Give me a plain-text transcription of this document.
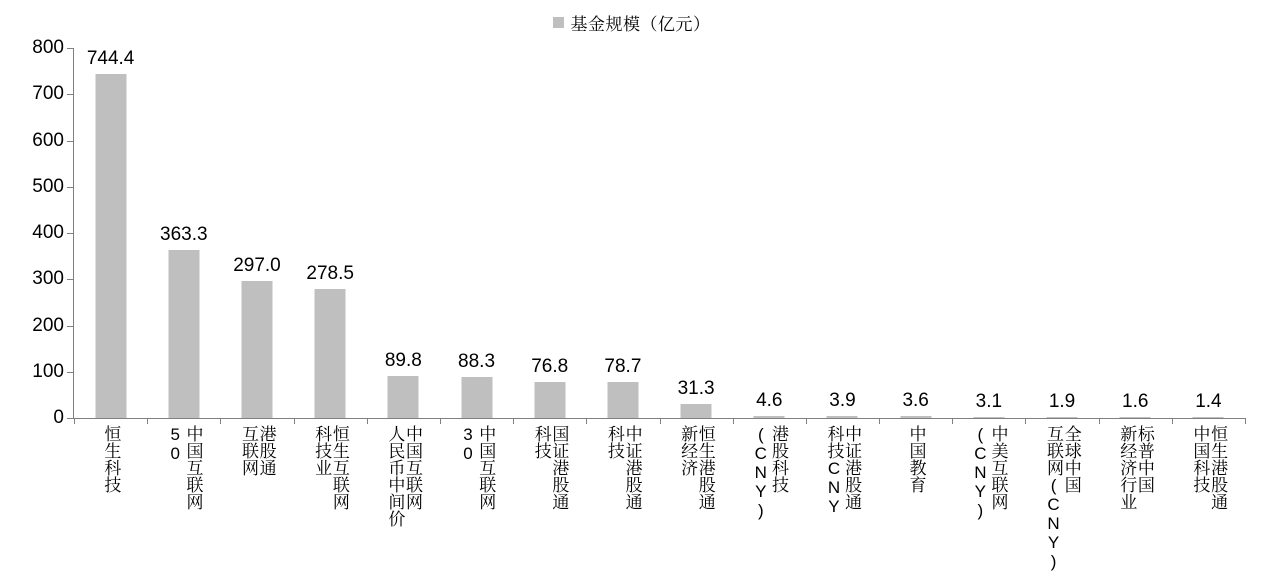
基金规模（亿元）
0
100
200
300
400
500
600
700
800
744.4
363.3
297.0 278.5
89.8 88.3 76.8 78.7
31.3
4.6 3.9 3.6 3.1 1.9 1.6 1.4
恒生科技	中国互联网
50	港股通
互联网	恒生互联网
科技业	中国互联网
人民币中间价	中国互联网
30	国证港股通
科技	中证港股通
科技	恒生港股通
新经济	港股科技
(CNY)	中证港股通
科技CNY	中国教育	中美互联网
(CNY)	全球中国
互联网(CNY)	标普中国
新经济行业	恒生港股通
中国科技
